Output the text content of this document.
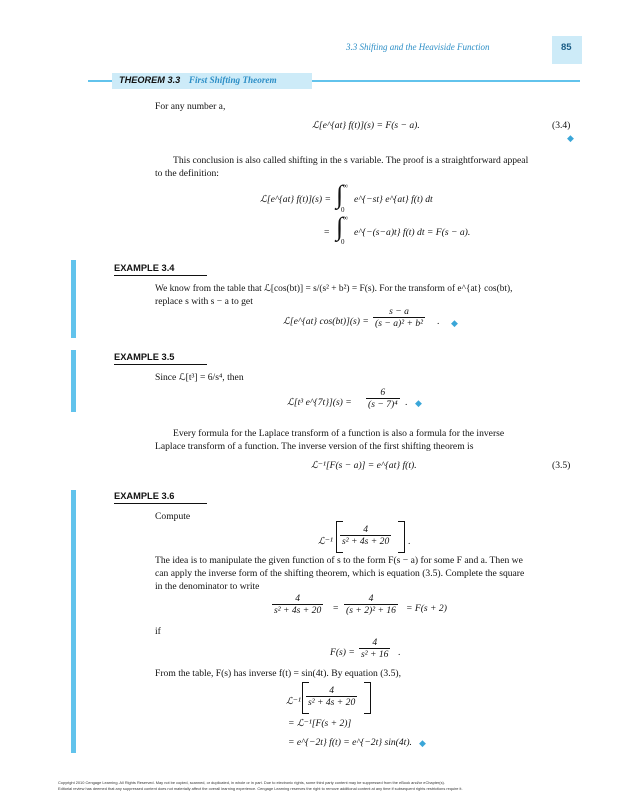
3.3 Shifting and the Heaviside Function	85
THEOREM 3.3 First Shifting Theorem
For any number a,
ℒ[e^{at} f(t)](s) = F(s − a).	(3.4)
◆
This conclusion is also called shifting in the s variable. The proof is a straightforward appeal
to the definition:
ℒ[e^{at} f(t)](s) = ∫ ∞
0
e^{−st} e^{at} f(t) dt
= ∫ ∞
0
e^{−(s−a)t} f(t) dt = F(s − a).
EXAMPLE 3.4
We know from the table that ℒ[cos(bt)] = s/(s² + b²) = F(s). For the transform of e^{at} cos(bt),
replace s with s − a to get
ℒ[e^{at} $\cos(bt)](s) = \frac{s - a}{\text{(s − a)² + b²}}$ . ◆
EXAMPLE 3.5
Since ℒ[t³] = 6/s⁴, then
ℒ[t³ e^{7t}](s) = $\frac{6}{\text{(s − 7)⁴}}$ . ◆
Every formula for the Laplace transform of a function is also a formula for the inverse
Laplace transform of a function. The inverse version of the first shifting theorem is
ℒ⁻¹[F(s − a)] = e^{at} f(t).	(3.5)
EXAMPLE 3.6
Compute
ℒ⁻¹ $\frac{4}{\text{s² + 4s + 20}}$ .
The idea is to manipulate the given function of s to the form F(s − a) for some F and a. Then we
can apply the inverse form of the shifting theorem, which is equation (3.5). Complete the square
in the denominator to write
$\frac{4}{\text{s² + 4s + 20}} = \frac{4}{\text{(s + 2)² + 16}} = F(s + 2)$
if
$F(s) = \frac{4}{\text{s² + 16}}$ .
From the table, F(s) has inverse f(t) = sin(4t). By equation (3.5),
ℒ⁻¹ $\frac{4}{\text{s² + 4s + 20}}$
= ℒ⁻¹[F(s + 2)]
= e^{−2t} f(t) = e^{−2t} sin(4t). ◆
Copyright 2010 Cengage Learning. All Rights Reserved. May not be copied, scanned, or duplicated, in whole or in part. Due to electronic rights, some third party content may be suppressed from the eBook and/or eChapter(s).
Editorial review has deemed that any suppressed content does not materially affect the overall learning experience. Cengage Learning reserves the right to remove additional content at any time if subsequent rights restrictions require it.
